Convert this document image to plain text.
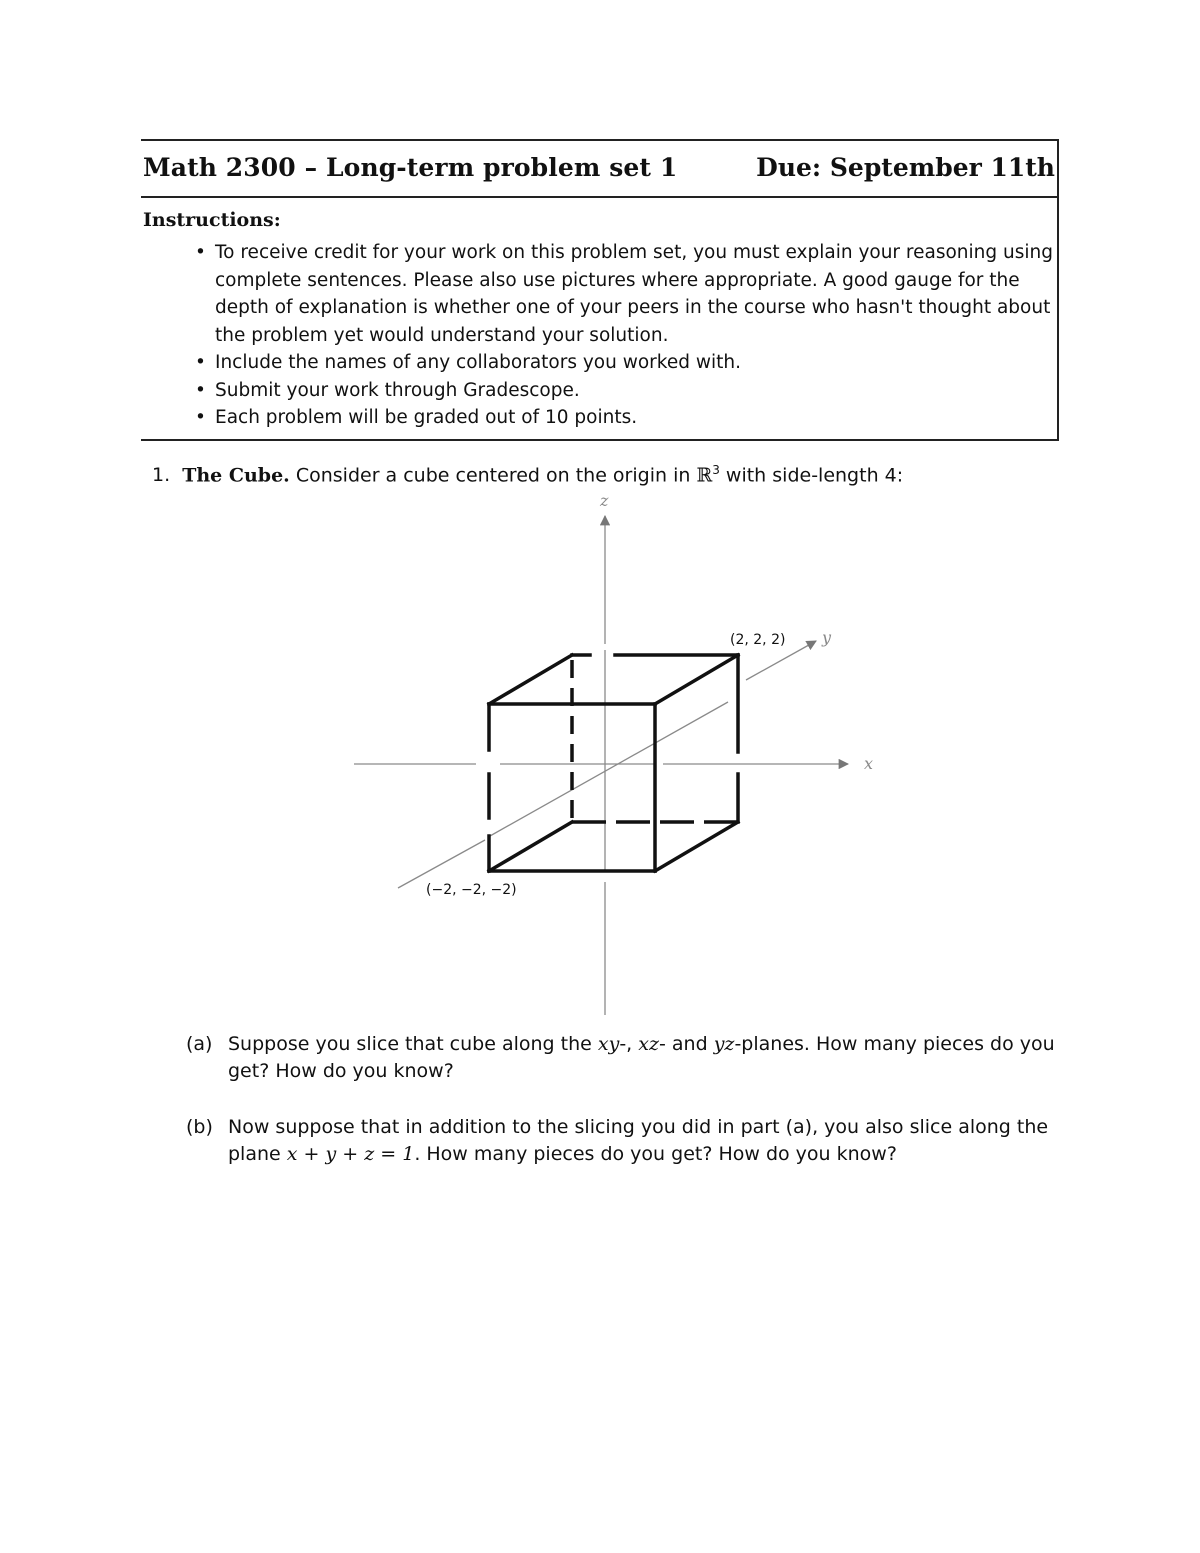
Math 2300 – Long-term problem set 1	Due: September 11th
Instructions:
• To receive credit for your work on this problem set, you must explain your reasoning using complete sentences. Please also use pictures where appropriate. A good gauge for the depth of explanation is whether one of your peers in the course who hasn't thought about the problem yet would understand your solution.
• Include the names of any collaborators you worked with.
• Submit your work through Gradescope.
• Each problem will be graded out of 10 points.
1. The Cube. Consider a cube centered on the origin in ℝ$^3$ with side-length 4:
z
x
y
(2, 2, 2)
(−2, −2, −2)
(a) Suppose you slice that cube along the xy-, xz- and yz-planes. How many pieces do you get? How do you know?
(b) Now suppose that in addition to the slicing you did in part (a), you also slice along the plane x + y + z = 1. How many pieces do you get? How do you know?
